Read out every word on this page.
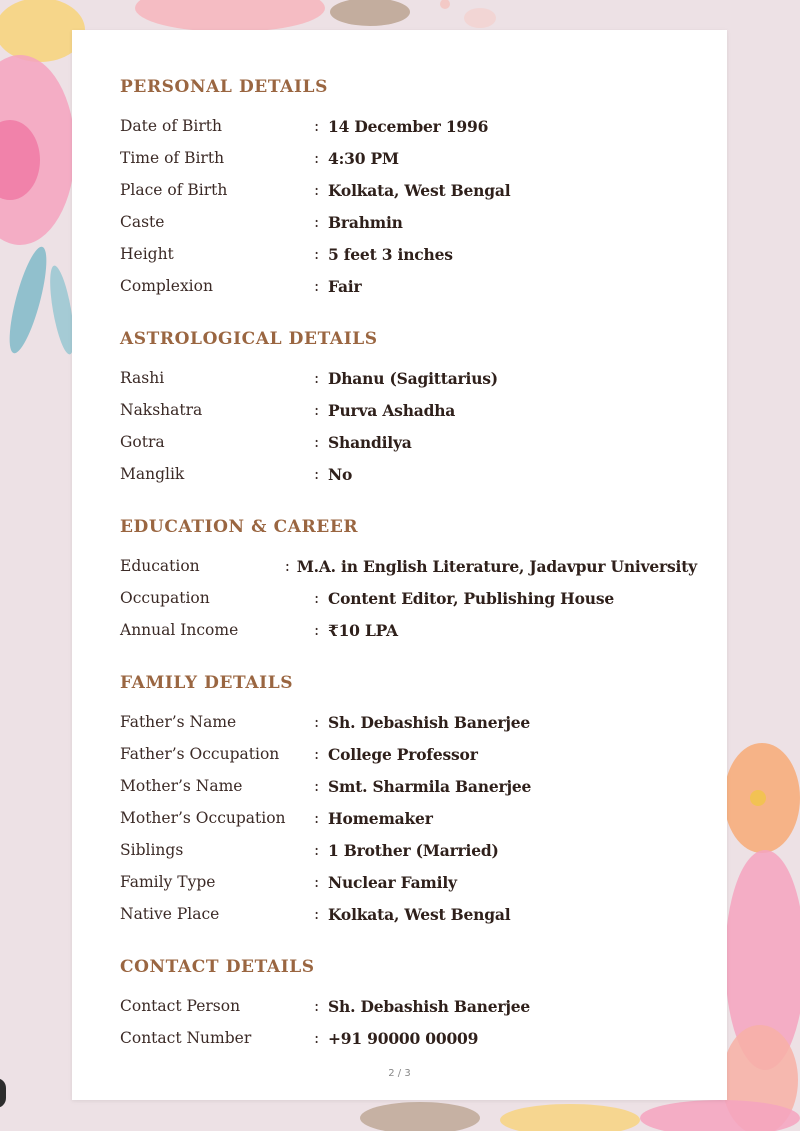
PERSONAL DETAILS
Date of Birth	: 14 December 1996
Time of Birth	: 4:30 PM
Place of Birth	: Kolkata, West Bengal
Caste	: Brahmin
Height	: 5 feet 3 inches
Complexion	: Fair
ASTROLOGICAL DETAILS
Rashi	: Dhanu (Sagittarius)
Nakshatra	: Purva Ashadha
Gotra	: Shandilya
Manglik	: No
EDUCATION & CAREER
Education	: M.A. in English Literature, Jadavpur University
Occupation	: Content Editor, Publishing House
Annual Income	: ₹10 LPA
FAMILY DETAILS
Father’s Name	: Sh. Debashish Banerjee
Father’s Occupation	: College Professor
Mother’s Name	: Smt. Sharmila Banerjee
Mother’s Occupation	: Homemaker
Siblings	: 1 Brother (Married)
Family Type	: Nuclear Family
Native Place	: Kolkata, West Bengal
CONTACT DETAILS
Contact Person	: Sh. Debashish Banerjee
Contact Number	: +91 90000 00009
2 / 3
